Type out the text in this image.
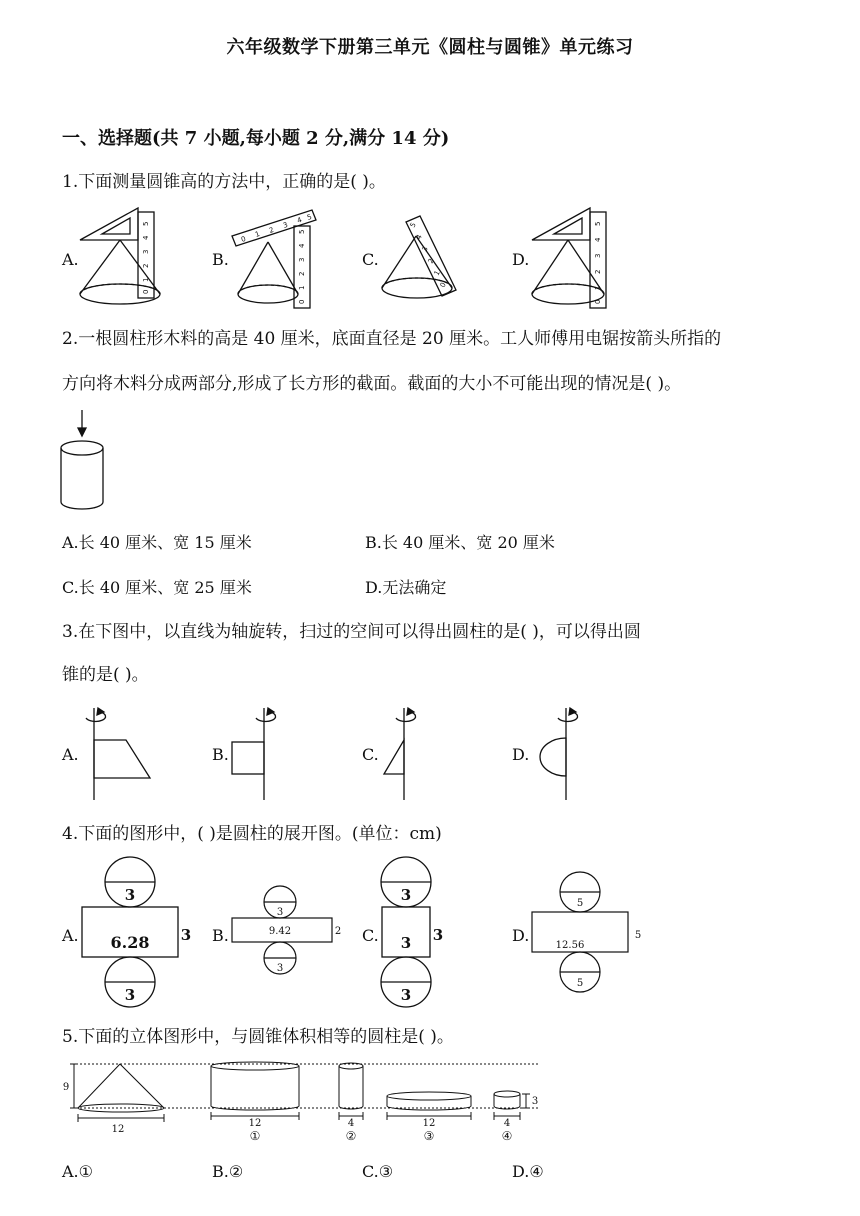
六年级数学下册第三单元《圆柱与圆锥》单元练习
一、选择题(共 7 小题,每小题 2 分,满分 14 分)
1.下面测量圆锥高的方法中，正确的是( )。
A.	B.	C.	D.
0
1
2
3
4
5
0
1 2
3
4 5
0
1
2
3
4
5
0
1
2
3
4
5
0
1
2
3
4
5
2.一根圆柱形木料的高是 40 厘米，底面直径是 20 厘米。工人师傅用电锯按箭头所指的
方向将木料分成两部分,形成了长方形的截面。截面的大小不可能出现的情况是( )。
A.长 40 厘米、宽 15 厘米	B.长 40 厘米、宽 20 厘米
C.长 40 厘米、宽 25 厘米	D.无法确定
3.在下图中，以直线为轴旋转，扫过的空间可以得出圆柱的是( )，可以得出圆
锥的是( )。
A.	B.	C.	D.
4.下面的图形中，( )是圆柱的展开图。(单位：cm)
A.	B.	C.	D.
3
6.28 3
3
3
9.42	2
3
3
3 3
3
5
12.56
5
5
5.下面的立体图形中，与圆锥体积相等的圆柱是( )。
9
12
12
①
4
②
12
③
4
④
3
A.①	B.②	C.③	D.④
